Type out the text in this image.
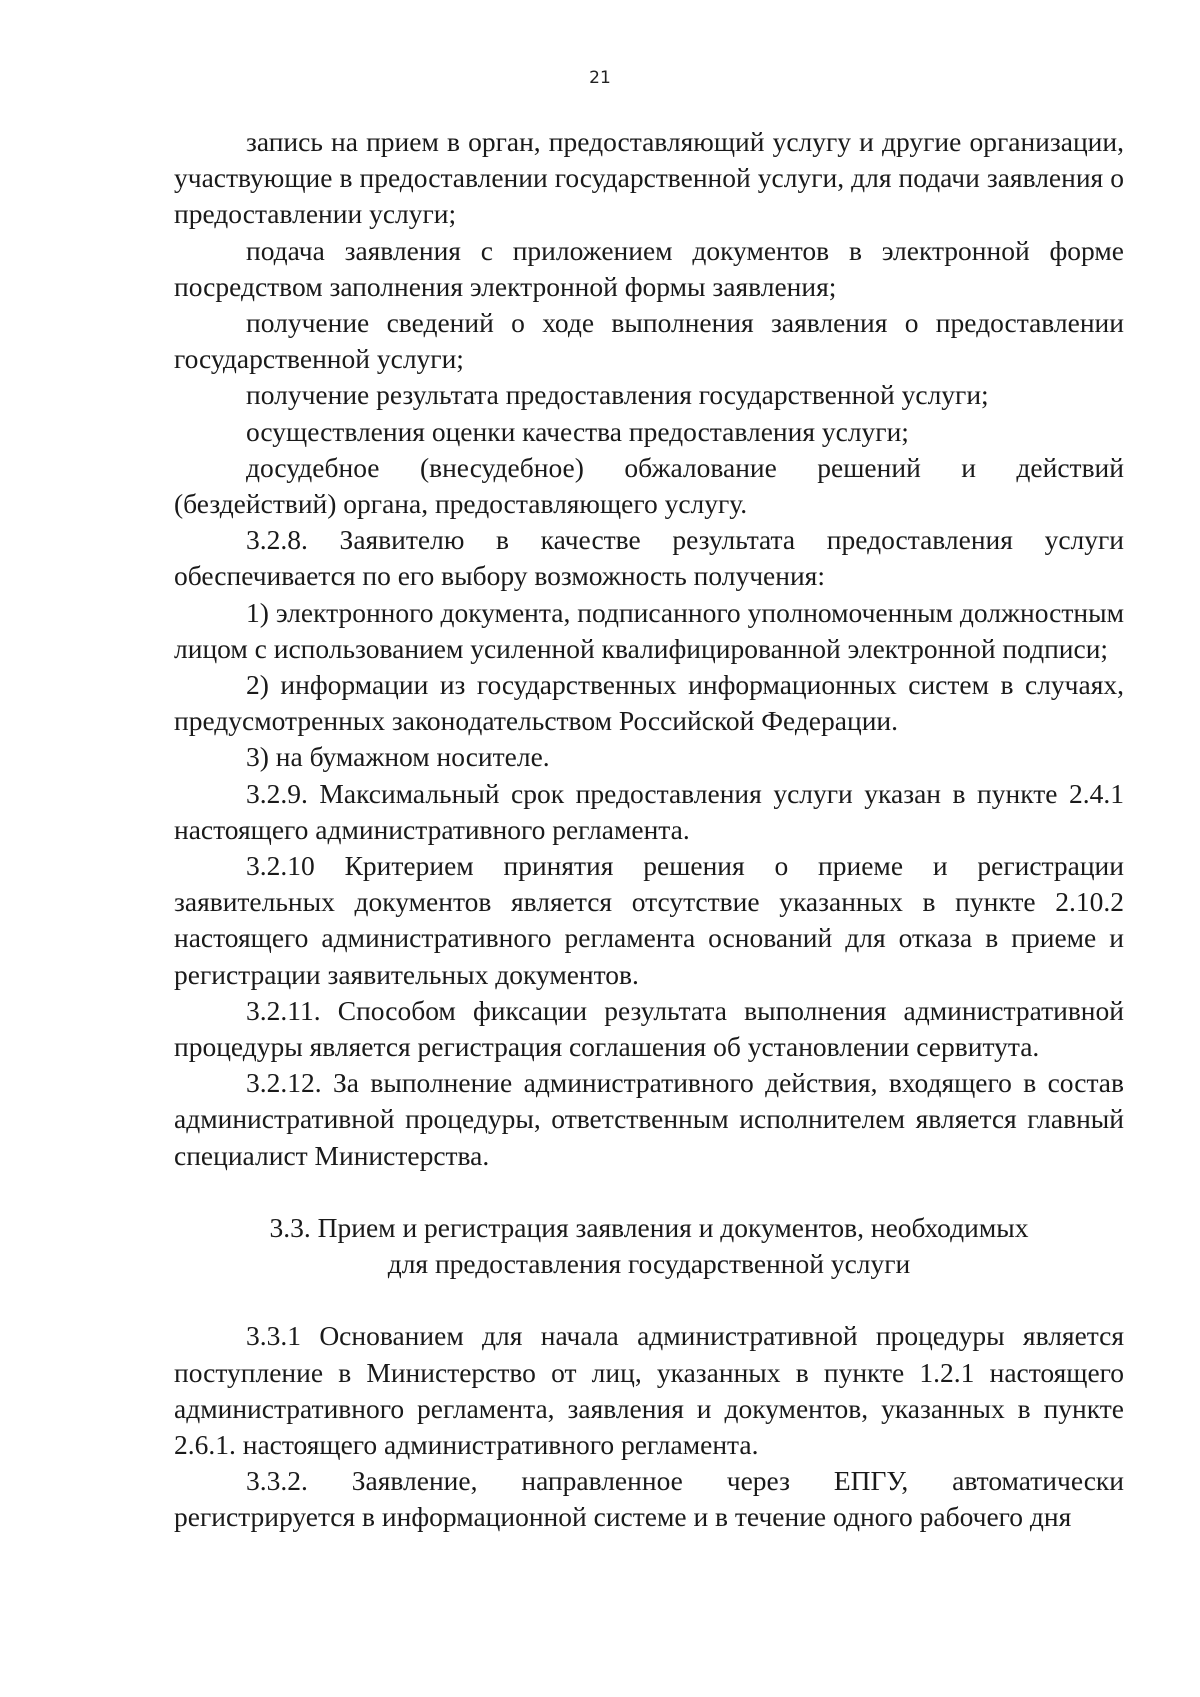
21

запись на прием в орган, предоставляющий услугу и другие организации, участвующие в предоставлении государственной услуги, для подачи заявления о предоставлении услуги;

подача заявления с приложением документов в электронной форме посредством заполнения электронной формы заявления;

получение сведений о ходе выполнения заявления о предоставлении государственной услуги;

получение результата предоставления государственной услуги;

осуществления оценки качества предоставления услуги;

досудебное (внесудебное) обжалование решений и действий (бездействий) органа, предоставляющего услугу.

3.2.8. Заявителю в качестве результата предоставления услуги обеспечивается по его выбору возможность получения:

1) электронного документа, подписанного уполномоченным должностным лицом с использованием усиленной квалифицированной электронной подписи;

2) информации из государственных информационных систем в случаях, предусмотренных законодательством Российской Федерации.

3) на бумажном носителе.

3.2.9. Максимальный срок предоставления услуги указан в пункте 2.4.1 настоящего административного регламента.

3.2.10 Критерием принятия решения о приеме и регистрации заявительных документов является отсутствие указанных в пункте 2.10.2 настоящего административного регламента оснований для отказа в приеме и регистрации заявительных документов.

3.2.11. Способом фиксации результата выполнения административной процедуры является регистрация соглашения об установлении сервитута.

3.2.12. За выполнение административного действия, входящего в состав административной процедуры, ответственным исполнителем является главный специалист Министерства.

3.3. Прием и регистрация заявления и документов, необходимых
для предоставления государственной услуги

3.3.1 Основанием для начала административной процедуры является поступление в Министерство от лиц, указанных в пункте 1.2.1 настоящего административного регламента, заявления и документов, указанных в пункте 2.6.1. настоящего административного регламента.

3.3.2. Заявление, направленное через ЕПГУ, автоматически регистрируется в информационной системе и в течение одного рабочего дня
